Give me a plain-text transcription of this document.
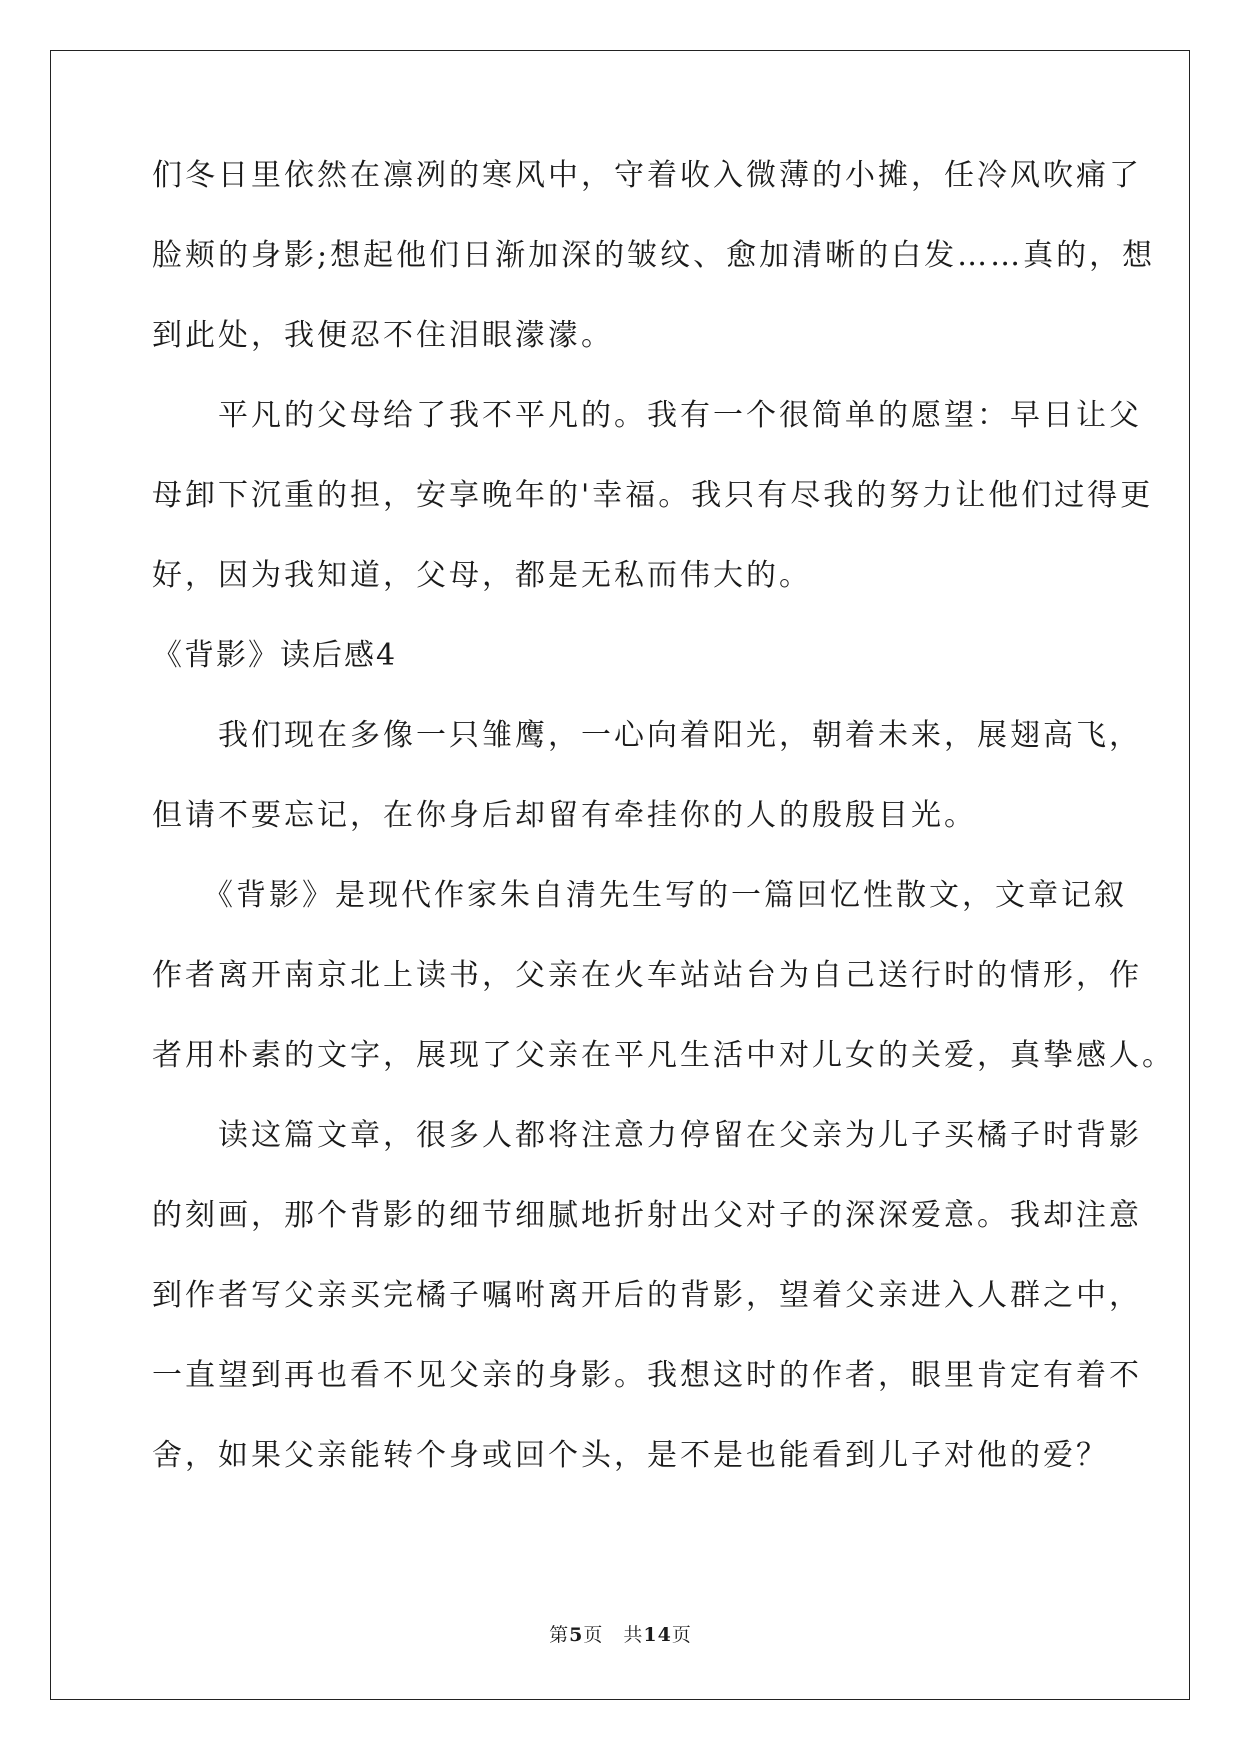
们冬日里依然在凛冽的寒风中，守着收入微薄的小摊，任冷风吹痛了
脸颊的身影;想起他们日渐加深的皱纹、愈加清晰的白发……真的，想
到此处，我便忍不住泪眼濛濛。
　　平凡的父母给了我不平凡的。我有一个很简单的愿望：早日让父
母卸下沉重的担，安享晚年的'幸福。我只有尽我的努力让他们过得更
好，因为我知道，父母，都是无私而伟大的。
《背影》读后感4
　　我们现在多像一只雏鹰，一心向着阳光，朝着未来，展翅高飞，
但请不要忘记，在你身后却留有牵挂你的人的殷殷目光。
　　《背影》是现代作家朱自清先生写的一篇回忆性散文，文章记叙
作者离开南京北上读书，父亲在火车站站台为自己送行时的情形，作
者用朴素的文字，展现了父亲在平凡生活中对儿女的关爱，真挚感人。
　　读这篇文章，很多人都将注意力停留在父亲为儿子买橘子时背影
的刻画，那个背影的细节细腻地折射出父对子的深深爱意。我却注意
到作者写父亲买完橘子嘱咐离开后的背影，望着父亲进入人群之中，
一直望到再也看不见父亲的身影。我想这时的作者，眼里肯定有着不
舍，如果父亲能转个身或回个头，是不是也能看到儿子对他的爱？
第5页　共14页
